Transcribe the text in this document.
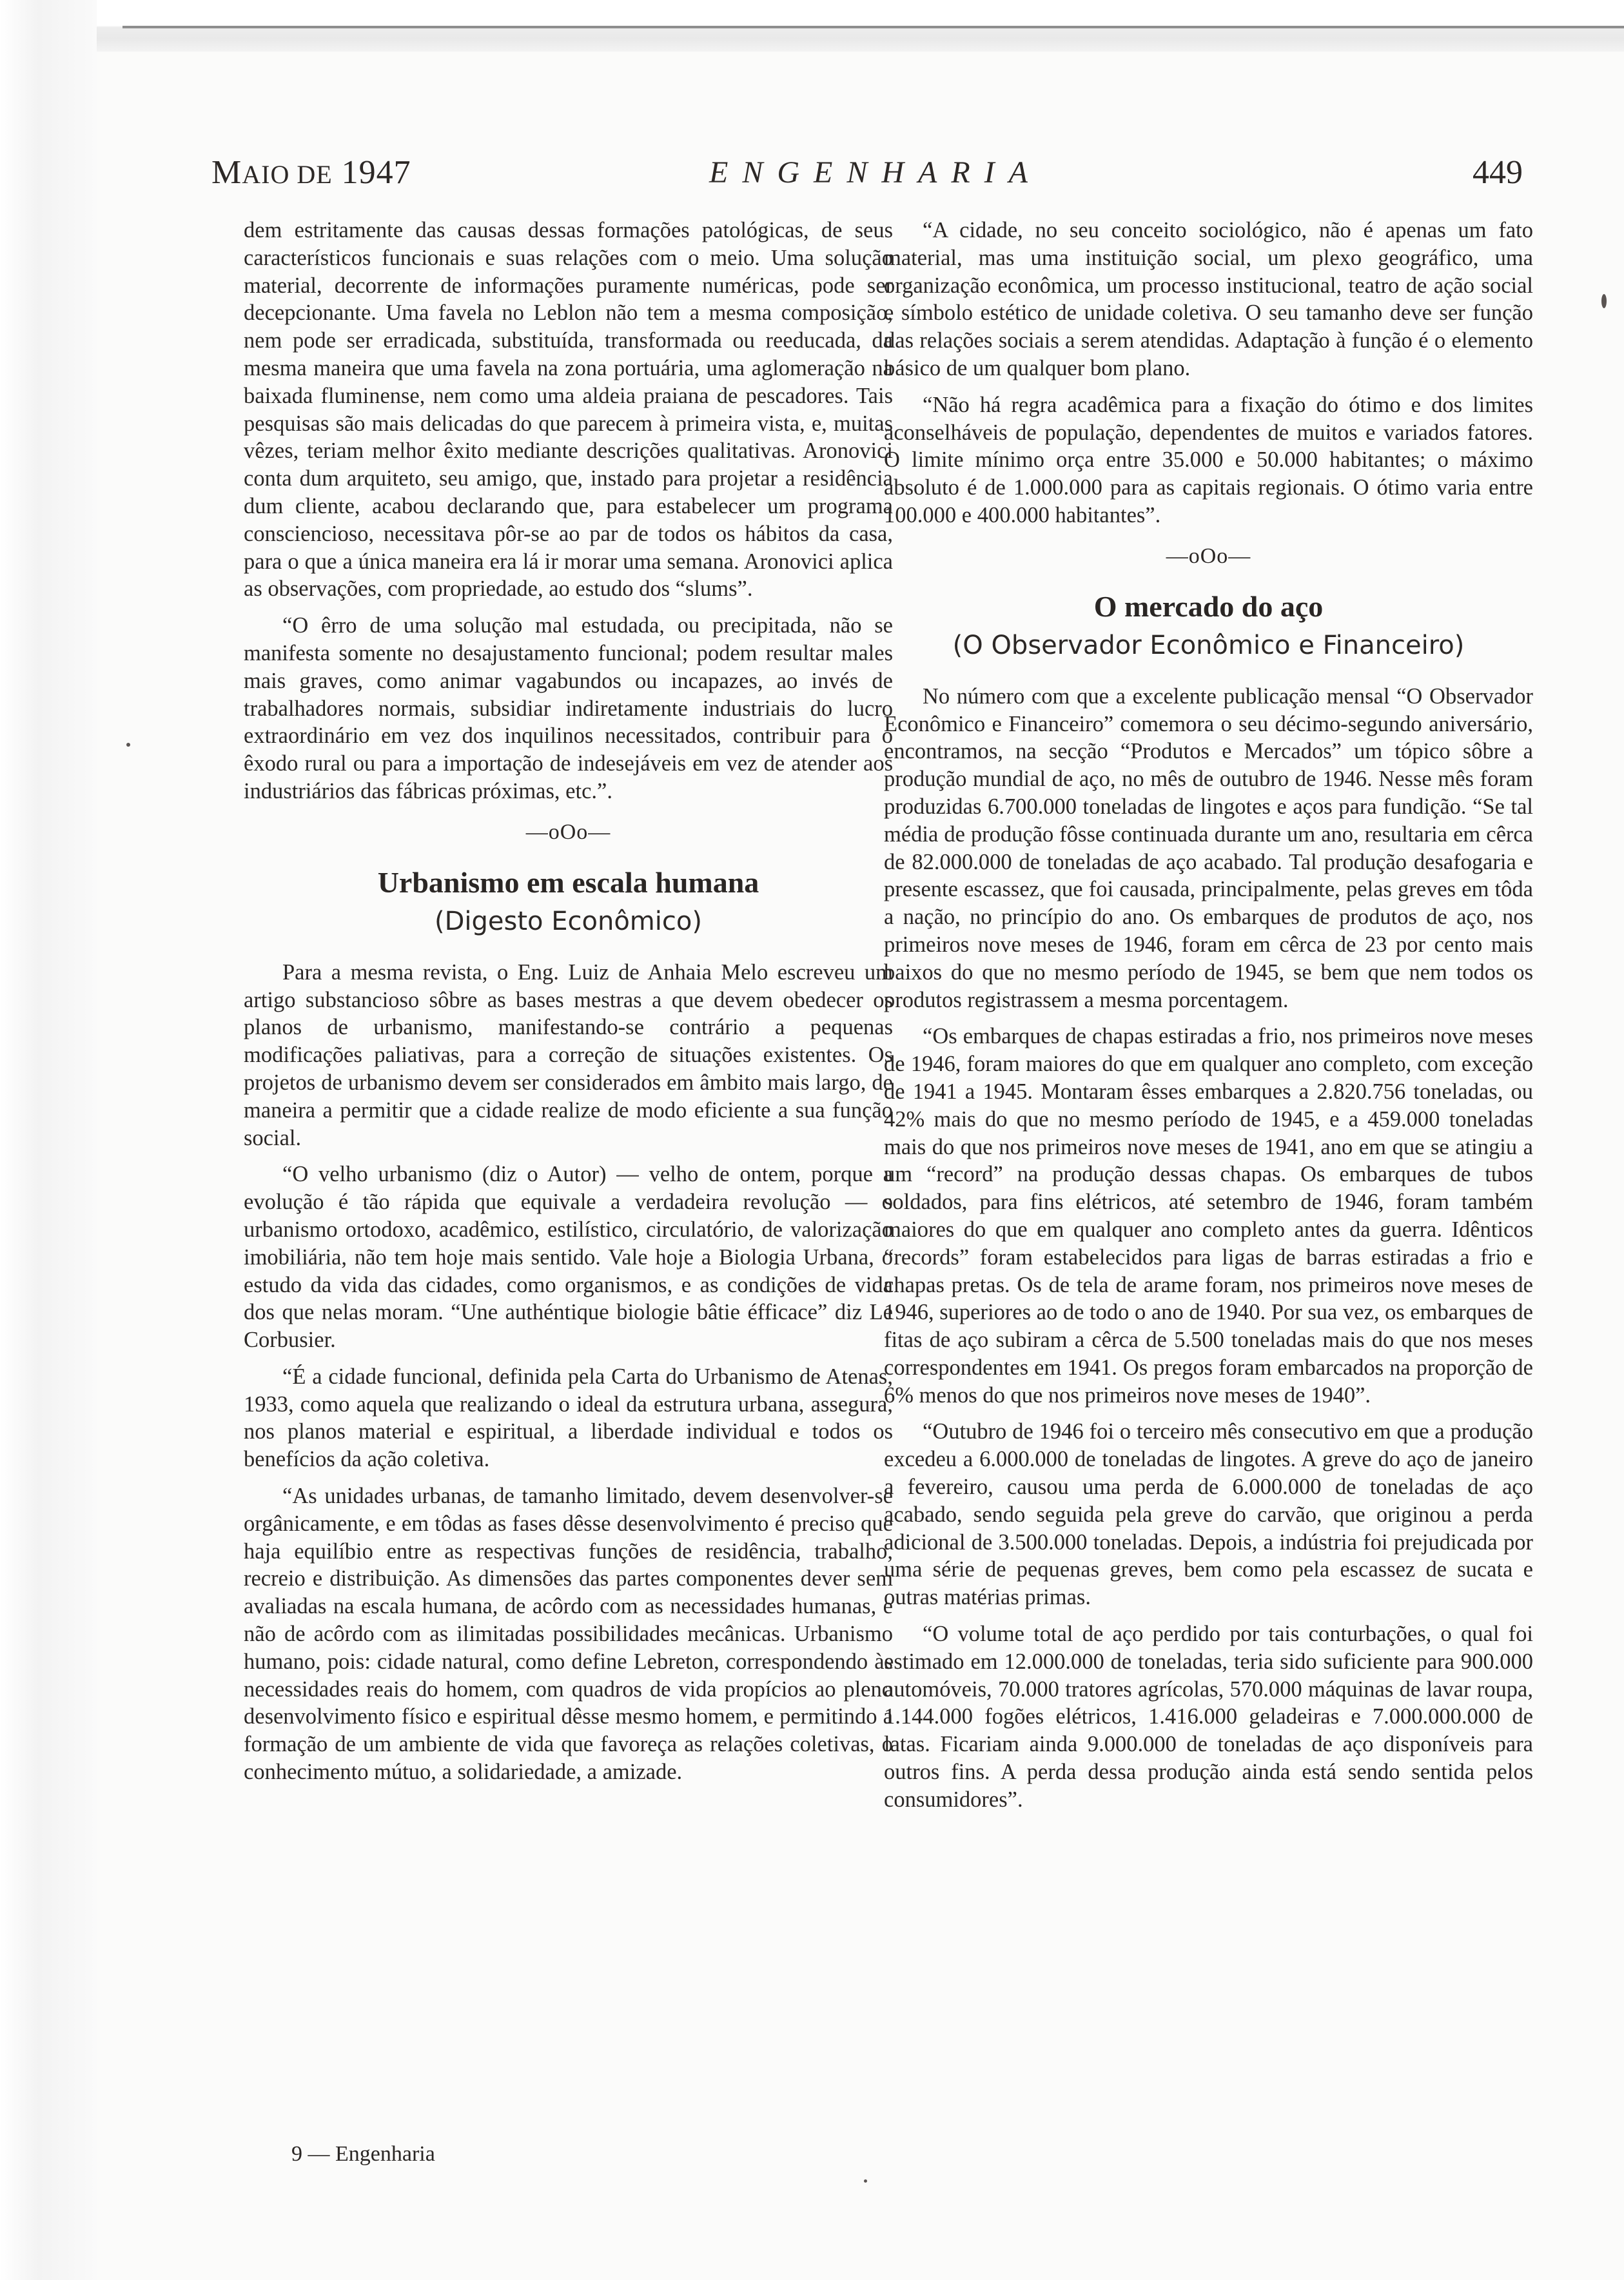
MAIO DE 1947	ENGENHARIA	449

dem estritamente das causas dessas formações patológicas, de seus característicos funcionais e suas relações com o meio. Uma solução material, decorrente de informações puramente numéricas, pode ser decepcionante. Uma favela no Leblon não tem a mesma composição, nem pode ser erradicada, substituída, transformada ou reeducada, da mesma maneira que uma favela na zona portuária, uma aglomeração na baixada fluminense, nem como uma aldeia praiana de pescadores. Tais pesquisas são mais delicadas do que parecem à primeira vista, e, muitas vêzes, teriam melhor êxito mediante descrições qualitativas. Aronovici conta dum arquiteto, seu amigo, que, instado para projetar a residência dum cliente, acabou declarando que, para estabelecer um programa consciencioso, necessitava pôr-se ao par de todos os hábitos da casa, para o que a única maneira era lá ir morar uma semana. Aronovici aplica as observações, com propriedade, ao estudo dos “slums”.

“O êrro de uma solução mal estudada, ou precipitada, não se manifesta somente no desajustamento funcional; podem resultar males mais graves, como animar vagabundos ou incapazes, ao invés de trabalhadores normais, subsidiar indiretamente industriais do lucro extraordinário em vez dos inquilinos necessitados, contribuir para o êxodo rural ou para a importação de indesejáveis em vez de atender aos industriários das fábricas próximas, etc.”.

—oOo—
Urbanismo em escala humana
(Digesto Econômico)

Para a mesma revista, o Eng. Luiz de Anhaia Melo escreveu um artigo substancioso sôbre as bases mestras a que devem obedecer os planos de urbanismo, manifestando-se contrário a pequenas modificações paliativas, para a correção de situações existentes. Os projetos de urbanismo devem ser considerados em âmbito mais largo, de maneira a permitir que a cidade realize de modo eficiente a sua função social.

“O velho urbanismo (diz o Autor) — velho de ontem, porque a evolução é tão rápida que equivale a verdadeira revolução — o urbanismo ortodoxo, acadêmico, estilístico, circulatório, de valorização imobiliária, não tem hoje mais sentido. Vale hoje a Biologia Urbana, o estudo da vida das cidades, como organismos, e as condições de vida dos que nelas moram. “Une authéntique biologie bâtie éfficace” diz Le Corbusier.

“É a cidade funcional, definida pela Carta do Urbanismo de Atenas, 1933, como aquela que realizando o ideal da estrutura urbana, assegura, nos planos material e espiritual, a liberdade individual e todos os benefícios da ação coletiva.

“As unidades urbanas, de tamanho limitado, devem desenvolver-se orgânicamente, e em tôdas as fases dêsse desenvolvimento é preciso que haja equilíbio entre as respectivas funções de residência, trabalho, recreio e distribuição. As dimensões das partes componentes dever sem avaliadas na escala humana, de acôrdo com as necessidades humanas, e não de acôrdo com as ilimitadas possibilidades mecânicas. Urbanismo humano, pois: cidade natural, como define Lebreton, correspondendo às necessidades reais do homem, com quadros de vida propícios ao pleno desenvolvimento físico e espiritual dêsse mesmo homem, e permitindo a formação de um ambiente de vida que favoreça as relações coletivas, o conhecimento mútuo, a solidariedade, a amizade.

“A cidade, no seu conceito sociológico, não é apenas um fato material, mas uma instituição social, um plexo geográfico, uma organização econômica, um processo institucional, teatro de ação social e símbolo estético de unidade coletiva. O seu tamanho deve ser função das relações sociais a serem atendidas. Adaptação à função é o elemento básico de um qualquer bom plano.

“Não há regra acadêmica para a fixação do ótimo e dos limites aconselháveis de população, dependentes de muitos e variados fatores. O limite mínimo orça entre 35.000 e 50.000 habitantes; o máximo absoluto é de 1.000.000 para as capitais regionais. O ótimo varia entre 100.000 e 400.000 habitantes”.

—oOo—
O mercado do aço
(O Observador Econômico e Financeiro)

No número com que a excelente publicação mensal “O Observador Econômico e Financeiro” comemora o seu décimo-segundo aniversário, encontramos, na secção “Produtos e Mercados” um tópico sôbre a produção mundial de aço, no mês de outubro de 1946. Nesse mês foram produzidas 6.700.000 toneladas de lingotes e aços para fundição. “Se tal média de produção fôsse continuada durante um ano, resultaria em cêrca de 82.000.000 de toneladas de aço acabado. Tal produção desafogaria e presente escassez, que foi causada, principalmente, pelas greves em tôda a nação, no princípio do ano. Os embarques de produtos de aço, nos primeiros nove meses de 1946, foram em cêrca de 23 por cento mais baixos do que no mesmo período de 1945, se bem que nem todos os produtos registrassem a mesma porcentagem.

“Os embarques de chapas estiradas a frio, nos primeiros nove meses de 1946, foram maiores do que em qualquer ano completo, com exceção de 1941 a 1945. Montaram êsses embarques a 2.820.756 toneladas, ou 42% mais do que no mesmo período de 1945, e a 459.000 toneladas mais do que nos primeiros nove meses de 1941, ano em que se atingiu a um “record” na produção dessas chapas. Os embarques de tubos soldados, para fins elétricos, até setembro de 1946, foram também maiores do que em qualquer ano completo antes da guerra. Idênticos “records” foram estabelecidos para ligas de barras estiradas a frio e chapas pretas. Os de tela de arame foram, nos primeiros nove meses de 1946, superiores ao de todo o ano de 1940. Por sua vez, os embarques de fitas de aço subiram a cêrca de 5.500 toneladas mais do que nos meses correspondentes em 1941. Os pregos foram embarcados na proporção de 6% menos do que nos primeiros nove meses de 1940”.

“Outubro de 1946 foi o terceiro mês consecutivo em que a produção excedeu a 6.000.000 de toneladas de lingotes. A greve do aço de janeiro a fevereiro, causou uma perda de 6.000.000 de toneladas de aço acabado, sendo seguida pela greve do carvão, que originou a perda adicional de 3.500.000 toneladas. Depois, a indústria foi prejudicada por uma série de pequenas greves, bem como pela escassez de sucata e outras matérias primas.

“O volume total de aço perdido por tais conturbações, o qual foi estimado em 12.000.000 de toneladas, teria sido suficiente para 900.000 automóveis, 70.000 tratores agrícolas, 570.000 máquinas de lavar roupa, 1.144.000 fogões elétricos, 1.416.000 geladeiras e 7.000.000.000 de latas. Ficariam ainda 9.000.000 de toneladas de aço disponíveis para outros fins. A perda dessa produção ainda está sendo sentida pelos consumidores”.

9 — Engenharia
